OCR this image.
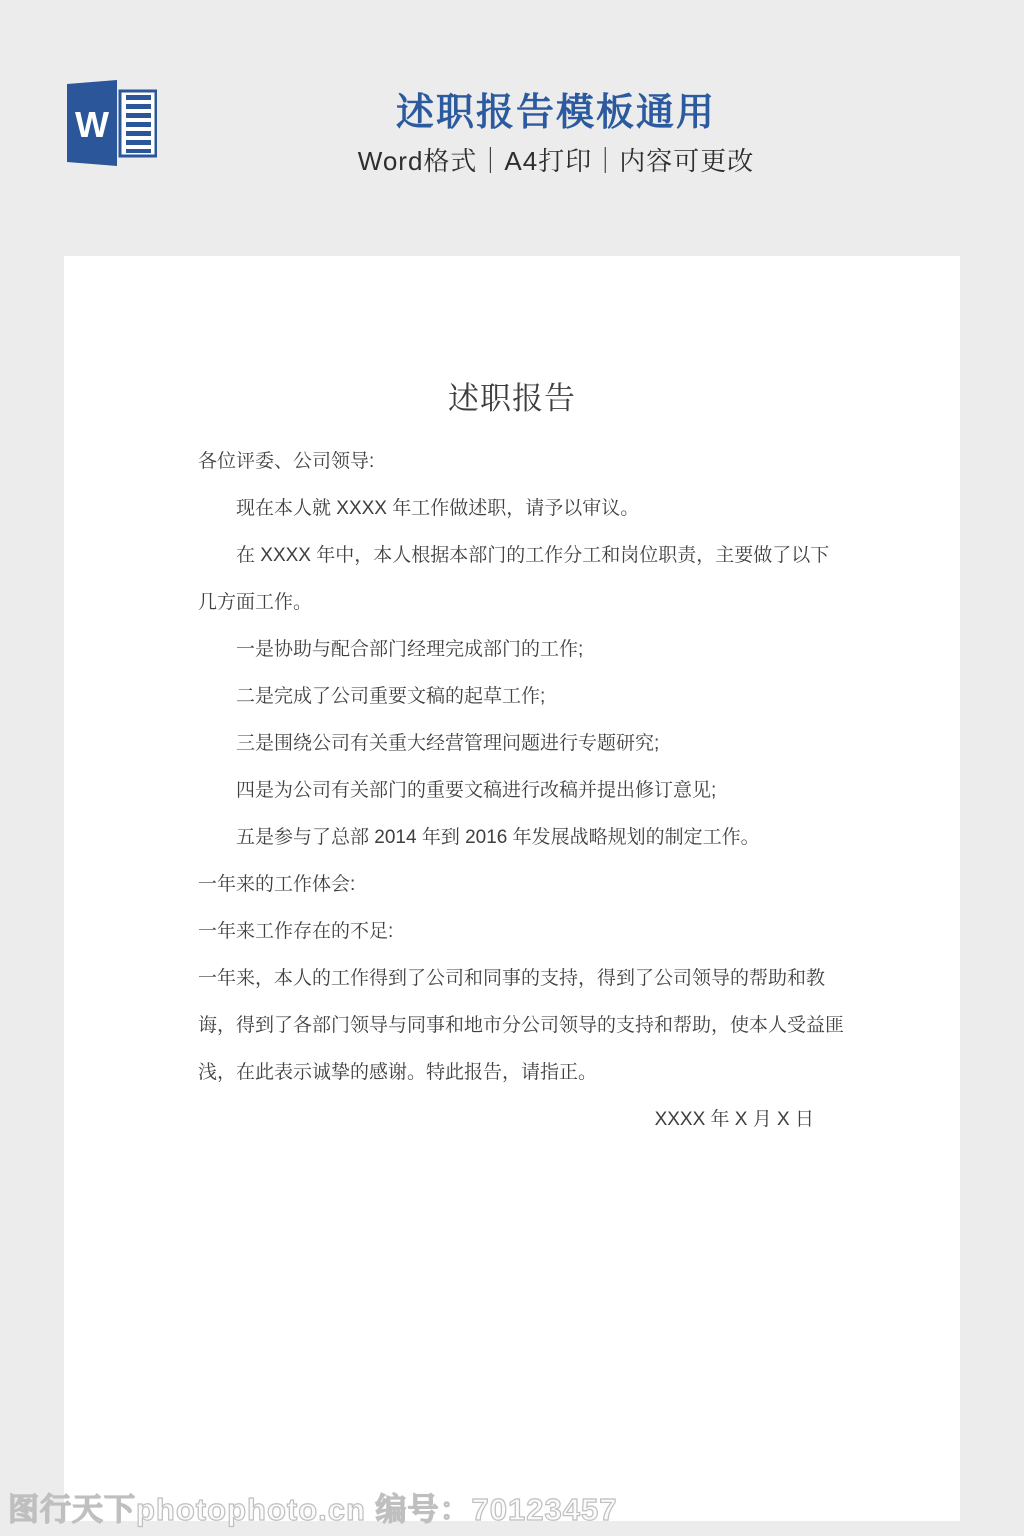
W	述职报告模板通用
Word格式｜A4打印｜内容可更改
述职报告

各位评委、公司领导:

现在本人就 XXXX 年工作做述职，请予以审议。

在 XXXX 年中，本人根据本部门的工作分工和岗位职责，主要做了以下几方面工作。

一是协助与配合部门经理完成部门的工作;

二是完成了公司重要文稿的起草工作;

三是围绕公司有关重大经营管理问题进行专题研究;

四是为公司有关部门的重要文稿进行改稿并提出修订意见;

五是参与了总部 2014 年到 2016 年发展战略规划的制定工作。

一年来的工作体会:

一年来工作存在的不足:

一年来，本人的工作得到了公司和同事的支持，得到了公司领导的帮助和教诲，得到了各部门领导与同事和地市分公司领导的支持和帮助，使本人受益匪浅，在此表示诚挚的感谢。特此报告，请指正。

XXXX 年 X 月 X 日

图行天下photophoto.cn 编号：70123457
